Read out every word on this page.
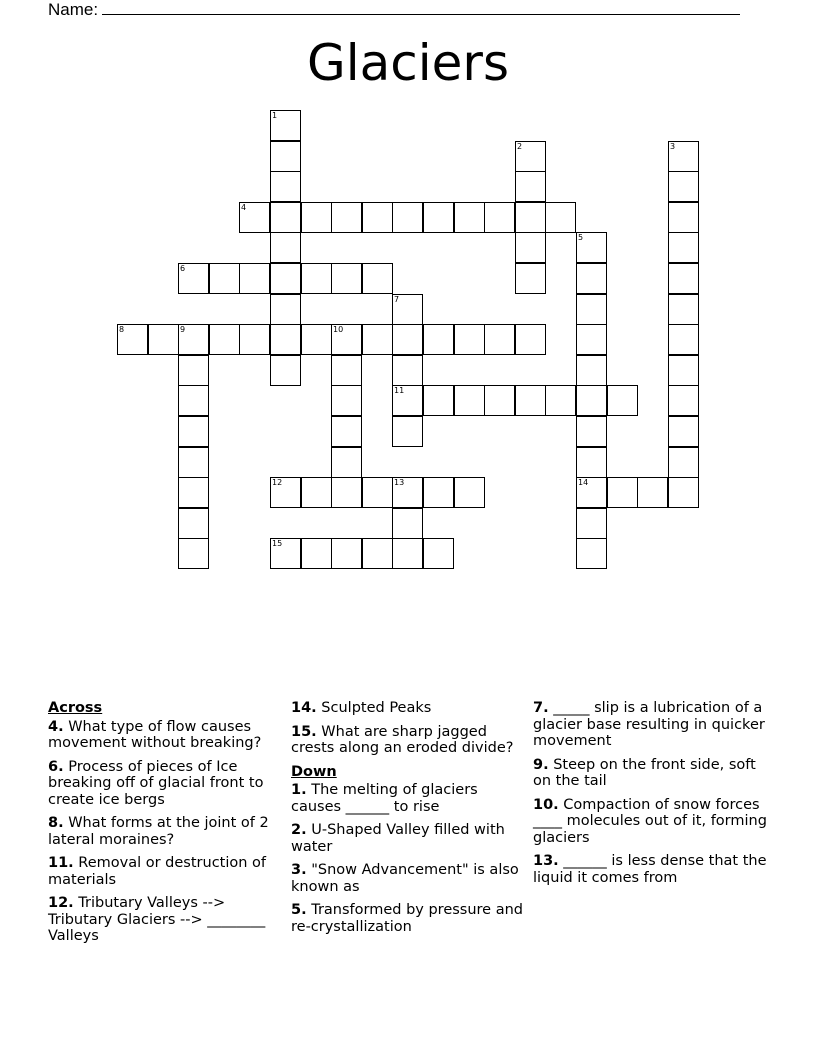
Name:
Glaciers
1
2	3
4
5
6
7
8	9	10
11
12	13	14
15
Across
4. What type of flow causes movement without breaking?
6. Process of pieces of Ice breaking off of glacial front to create ice bergs
8. What forms at the joint of 2 lateral moraines?
11. Removal or destruction of materials
12. Tributary Valleys --> Tributary Glaciers --> ________ Valleys
14. Sculpted Peaks
15. What are sharp jagged crests along an eroded divide?
Down
1. The melting of glaciers causes ______ to rise
2. U-Shaped Valley filled with water
3. "Snow Advancement" is also known as
5. Transformed by pressure and re-crystallization
7. _____ slip is a lubrication of a glacier base resulting in quicker movement
9. Steep on the front side, soft on the tail
10. Compaction of snow forces ____ molecules out of it, forming glaciers
13. ______ is less dense that the liquid it comes from
